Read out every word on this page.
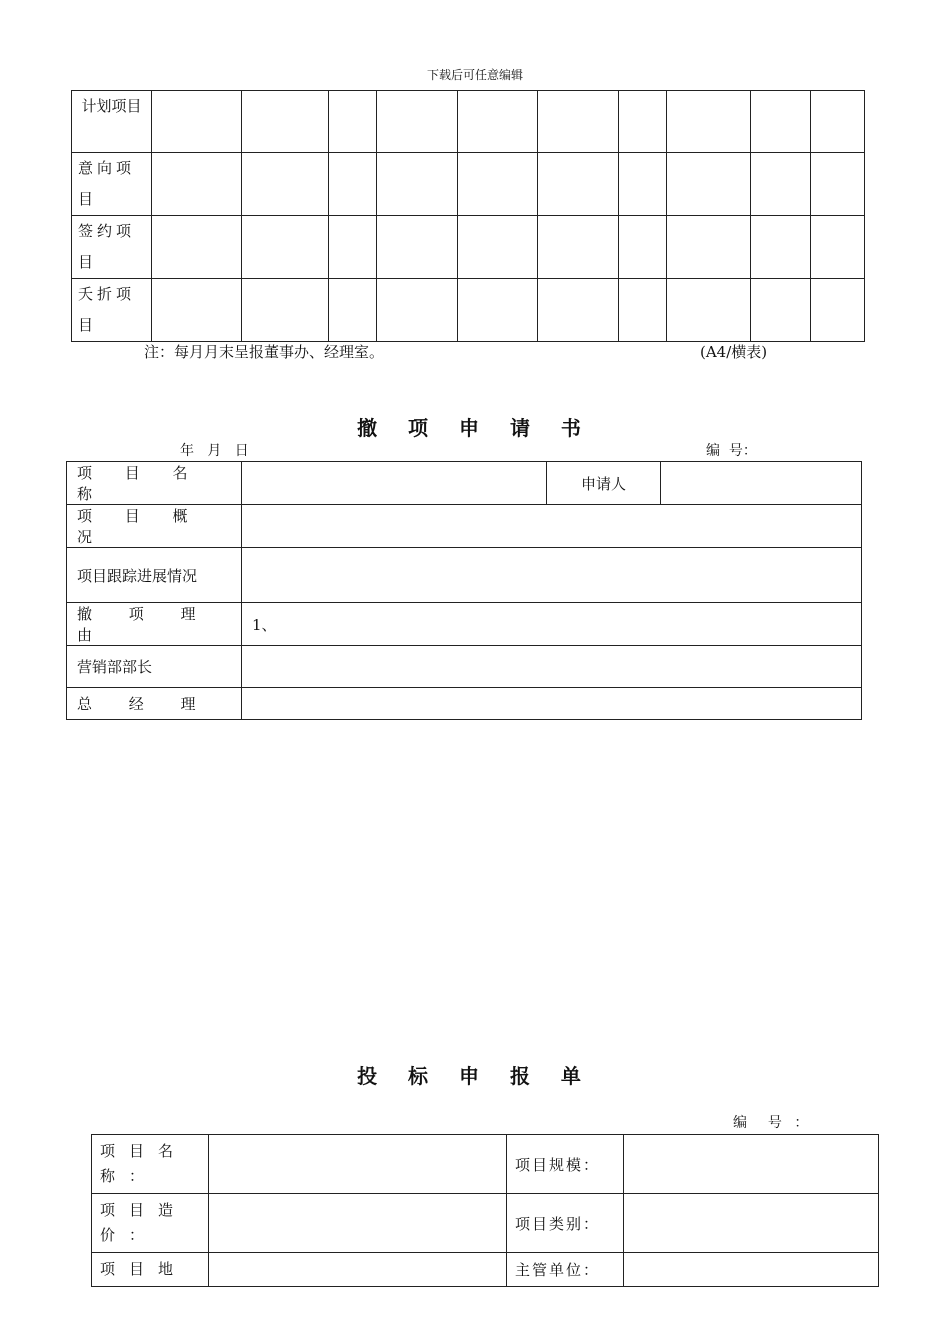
下载后可任意编辑
计划项目										
意向项目										
签约项目										
夭折项目										
注：每月月末呈报董事办、经理室。	(A4/横表)
撤 项 申 请 书
年   月   日	编  号：
项 目 名 称		申请人	
项 目 概 况			
项目跟踪进展情况			
撤 项 理 由	1、		
营销部部长			
总 经 理			
投 标 申 报 单
编  号 ：
项目名称：		项目规模：	
项目造价：		项目类别：	
项目地		主管单位：	
